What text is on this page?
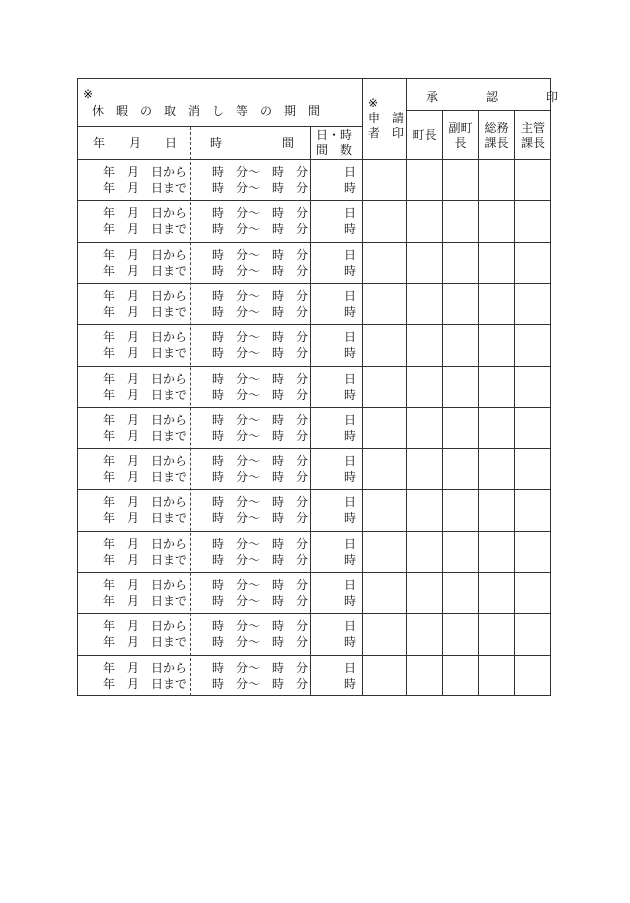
※
休　暇　の　取　消　し　等　の　期　間
※
申　請
者　印
承　　　　認　　　　印
年　　月　　日	時	間
日・時
間　数
町長 副町
長
総務
課長
主管
課長
年　月　日から
年　月　日まで
時　分〜　時　分
時　分〜　時　分
日
時
年　月　日から
年　月　日まで
時　分〜　時　分
時　分〜　時　分
日
時
年　月　日から
年　月　日まで
時　分〜　時　分
時　分〜　時　分
日
時
年　月　日から
年　月　日まで
時　分〜　時　分
時　分〜　時　分
日
時
年　月　日から
年　月　日まで
時　分〜　時　分
時　分〜　時　分
日
時
年　月　日から
年　月　日まで
時　分〜　時　分
時　分〜　時　分
日
時
年　月　日から
年　月　日まで
時　分〜　時　分
時　分〜　時　分
日
時
年　月　日から
年　月　日まで
時　分〜　時　分
時　分〜　時　分
日
時
年　月　日から
年　月　日まで
時　分〜　時　分
時　分〜　時　分
日
時
年　月　日から
年　月　日まで
時　分〜　時　分
時　分〜　時　分
日
時
年　月　日から
年　月　日まで
時　分〜　時　分
時　分〜　時　分
日
時
年　月　日から
年　月　日まで
時　分〜　時　分
時　分〜　時　分
日
時
年　月　日から
年　月　日まで
時　分〜　時　分
時　分〜　時　分
日
時
